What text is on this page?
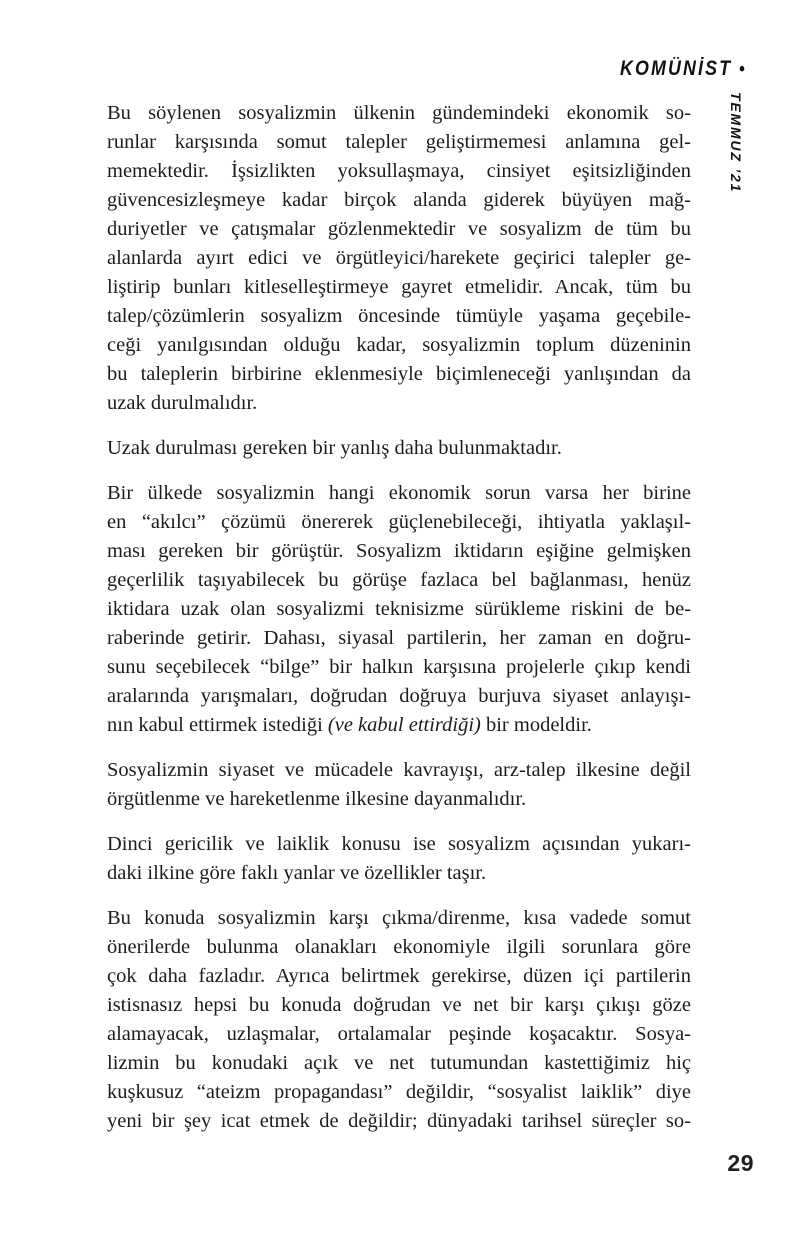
KOMÜNİST •
TEMMUZ ’21
Bu söylenen sosyalizmin ülkenin gündemindeki ekonomik so-
runlar karşısında somut talepler geliştirmemesi anlamına gel-
memektedir. İşsizlikten yoksullaşmaya, cinsiyet eşitsizliğinden
güvencesizleşmeye kadar birçok alanda giderek büyüyen mağ-
duriyetler ve çatışmalar gözlenmektedir ve sosyalizm de tüm bu
alanlarda ayırt edici ve örgütleyici/harekete geçirici talepler ge-
liştirip bunları kitleselleştirmeye gayret etmelidir. Ancak, tüm bu
talep/çözümlerin sosyalizm öncesinde tümüyle yaşama geçebile-
ceği yanılgısından olduğu kadar, sosyalizmin toplum düzeninin
bu taleplerin birbirine eklenmesiyle biçimleneceği yanlışından da
uzak durulmalıdır.
Uzak durulması gereken bir yanlış daha bulunmaktadır.
Bir ülkede sosyalizmin hangi ekonomik sorun varsa her birine
en “akılcı” çözümü önererek güçlenebileceği, ihtiyatla yaklaşıl-
ması gereken bir görüştür. Sosyalizm iktidarın eşiğine gelmişken
geçerlilik taşıyabilecek bu görüşe fazlaca bel bağlanması, henüz
iktidara uzak olan sosyalizmi teknisizme sürükleme riskini de be-
raberinde getirir. Dahası, siyasal partilerin, her zaman en doğru-
sunu seçebilecek “bilge” bir halkın karşısına projelerle çıkıp kendi
aralarında yarışmaları, doğrudan doğruya burjuva siyaset anlayışı-
nın kabul ettirmek istediği (ve kabul ettirdiği) bir modeldir.
Sosyalizmin siyaset ve mücadele kavrayışı, arz-talep ilkesine değil
örgütlenme ve hareketlenme ilkesine dayanmalıdır.
Dinci gericilik ve laiklik konusu ise sosyalizm açısından yukarı-
daki ilkine göre faklı yanlar ve özellikler taşır.
Bu konuda sosyalizmin karşı çıkma/direnme, kısa vadede somut
önerilerde bulunma olanakları ekonomiyle ilgili sorunlara göre
çok daha fazladır. Ayrıca belirtmek gerekirse, düzen içi partilerin
istisnasız hepsi bu konuda doğrudan ve net bir karşı çıkışı göze
alamayacak, uzlaşmalar, ortalamalar peşinde koşacaktır. Sosya-
lizmin bu konudaki açık ve net tutumundan kastettiğimiz hiç
kuşkusuz “ateizm propagandası” değildir, “sosyalist laiklik” diye
yeni bir şey icat etmek de değildir; dünyadaki tarihsel süreçler so-
29
